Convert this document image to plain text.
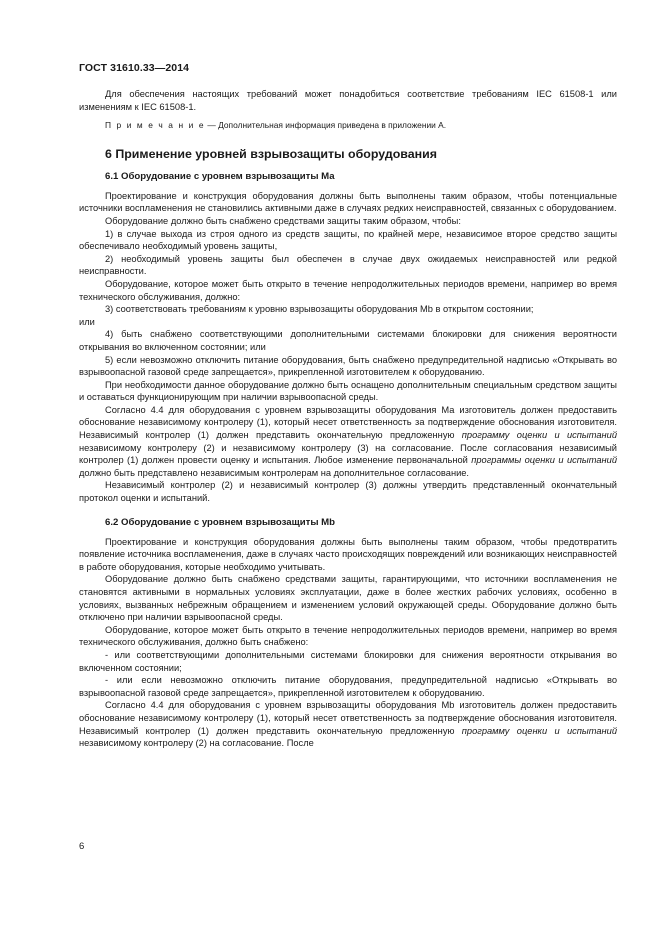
ГОСТ 31610.33—2014

Для обеспечения настоящих требований может понадобиться соответствие требованиям IEC 61508-1 или изменениям к IEC 61508-1.

П р и м е ч а н и е — Дополнительная информация приведена в приложении А.

6 Применение уровней взрывозащиты оборудования
6.1 Оборудование с уровнем взрывозащиты Ма

Проектирование и конструкция оборудования должны быть выполнены таким образом, чтобы потенциальные источники воспламенения не становились активными даже в случаях редких неисправностей, связанных с оборудованием.

Оборудование должно быть снабжено средствами защиты таким образом, чтобы:

1) в случае выхода из строя одного из средств защиты, по крайней мере, независимое второе средство защиты обеспечивало необходимый уровень защиты,

2) необходимый уровень защиты был обеспечен в случае двух ожидаемых неисправностей или редкой неисправности.

Оборудование, которое может быть открыто в течение непродолжительных периодов времени, например во время технического обслуживания, должно:

3) соответствовать требованиям к уровню взрывозащиты оборудования Mb в открытом состоянии;

или

4) быть снабжено соответствующими дополнительными системами блокировки для снижения вероятности открывания во включенном состоянии; или

5) если невозможно отключить питание оборудования, быть снабжено предупредительной надписью «Открывать во взрывоопасной газовой среде запрещается», прикрепленной изготовителем к оборудованию.

При необходимости данное оборудование должно быть оснащено дополнительным специальным средством защиты и оставаться функционирующим при наличии взрывоопасной среды.

Согласно 4.4 для оборудования с уровнем взрывозащиты оборудования Ма изготовитель должен предоставить обоснование независимому контролеру (1), который несет ответственность за подтверждение обоснования изготовителя. Независимый контролер (1) должен представить окончательную предложенную программу оценки и испытаний независимому контролеру (2) и независимому контролеру (3) на согласование. После согласования независимый контролер (1) должен провести оценку и испытания. Любое изменение первоначальной программы оценки и испытаний должно быть представлено независимым контролерам на дополнительное согласование.

Независимый контролер (2) и независимый контролер (3) должны утвердить представленный окончательный протокол оценки и испытаний.

6.2 Оборудование с уровнем взрывозащиты Mb

Проектирование и конструкция оборудования должны быть выполнены таким образом, чтобы предотвратить появление источника воспламенения, даже в случаях часто происходящих повреждений или возникающих неисправностей в работе оборудования, которые необходимо учитывать.

Оборудование должно быть снабжено средствами защиты, гарантирующими, что источники воспламенения не становятся активными в нормальных условиях эксплуатации, даже в более жестких рабочих условиях, особенно в условиях, вызванных небрежным обращением и изменением условий окружающей среды. Оборудование должно быть отключено при наличии взрывоопасной среды.

Оборудование, которое может быть открыто в течение непродолжительных периодов времени, например во время технического обслуживания, должно быть снабжено:

- или соответствующими дополнительными системами блокировки для снижения вероятности открывания во включенном состоянии;

- или если невозможно отключить питание оборудования, предупредительной надписью «Открывать во взрывоопасной газовой среде запрещается», прикрепленной изготовителем к оборудованию.

Согласно 4.4 для оборудования с уровнем взрывозащиты оборудования Mb изготовитель должен предоставить обоснование независимому контролеру (1), который несет ответственность за подтверждение обоснования изготовителя. Независимый контролер (1) должен представить окончательную предложенную программу оценки и испытаний независимому контролеру (2) на согласование. После

6
